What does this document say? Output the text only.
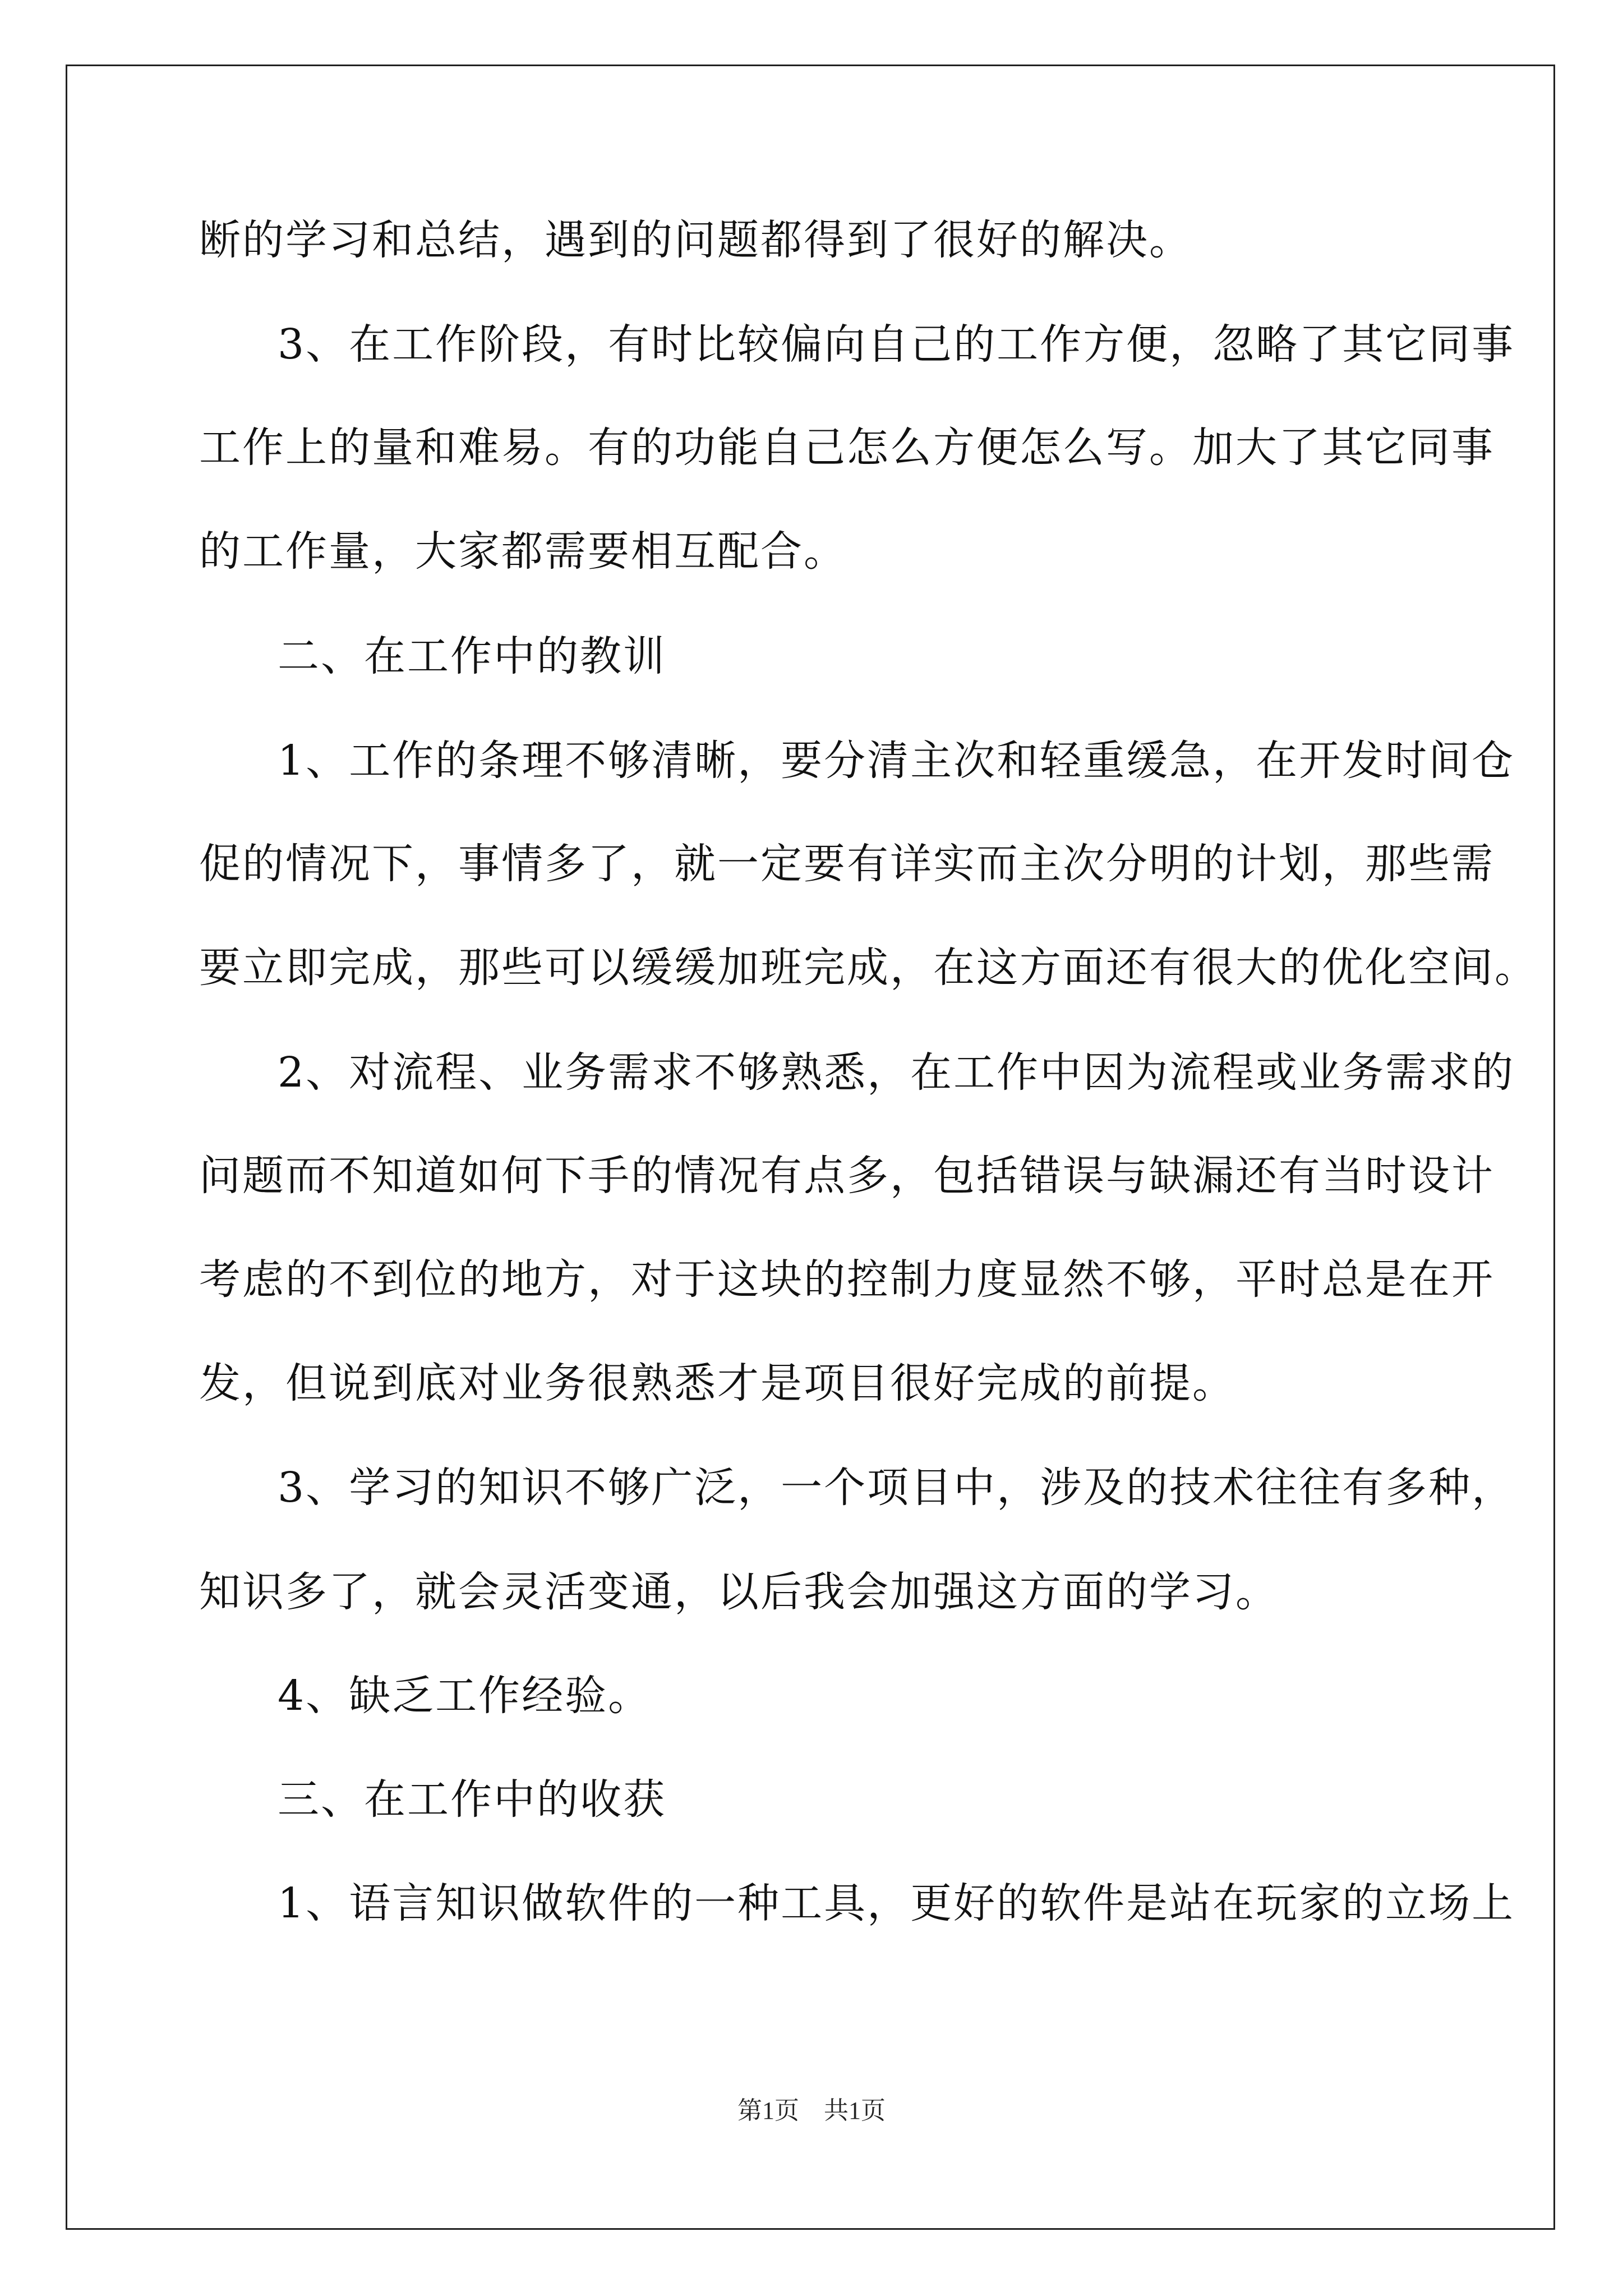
断的学习和总结，遇到的问题都得到了很好的解决。
3、在工作阶段，有时比较偏向自己的工作方便，忽略了其它同事
工作上的量和难易。有的功能自己怎么方便怎么写。加大了其它同事
的工作量，大家都需要相互配合。
二、在工作中的教训
1、工作的条理不够清晰，要分清主次和轻重缓急，在开发时间仓
促的情况下，事情多了，就一定要有详实而主次分明的计划，那些需
要立即完成，那些可以缓缓加班完成，在这方面还有很大的优化空间。
2、对流程、业务需求不够熟悉，在工作中因为流程或业务需求的
问题而不知道如何下手的情况有点多，包括错误与缺漏还有当时设计
考虑的不到位的地方，对于这块的控制力度显然不够，平时总是在开
发，但说到底对业务很熟悉才是项目很好完成的前提。
3、学习的知识不够广泛，一个项目中，涉及的技术往往有多种，
知识多了，就会灵活变通，以后我会加强这方面的学习。
4、缺乏工作经验。
三、在工作中的收获
1、语言知识做软件的一种工具，更好的软件是站在玩家的立场上
第1页　共1页
